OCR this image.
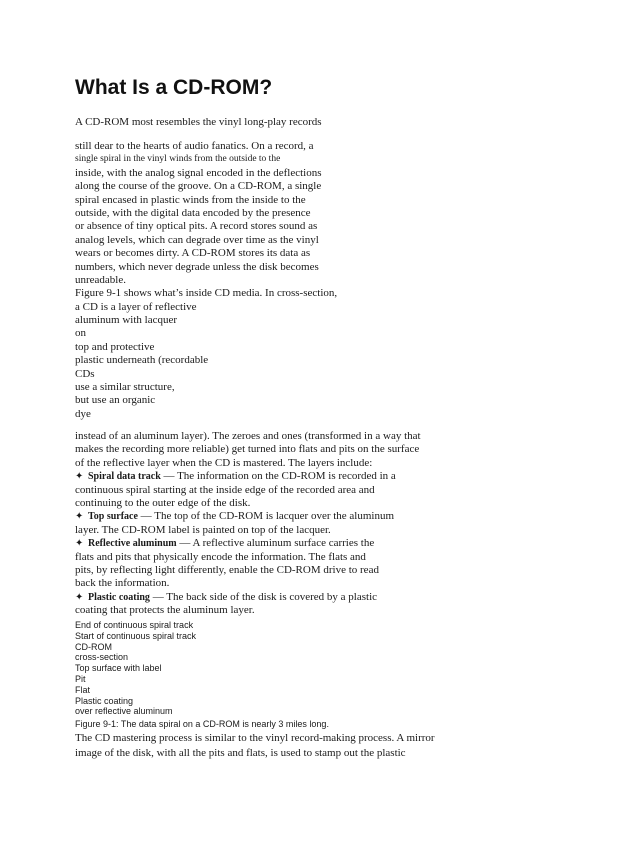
What Is a CD-ROM?
A CD-ROM most resembles the vinyl long-play records
still dear to the hearts of audio fanatics. On a record, a
single spiral in the vinyl winds from the outside to the
inside, with the analog signal encoded in the deflections
along the course of the groove. On a CD-ROM, a single
spiral encased in plastic winds from the inside to the
outside, with the digital data encoded by the presence
or absence of tiny optical pits. A record stores sound as
analog levels, which can degrade over time as the vinyl
wears or becomes dirty. A CD-ROM stores its data as
numbers, which never degrade unless the disk becomes
unreadable.
Figure 9-1 shows what’s inside CD media. In cross-section,
a CD is a layer of reflective
aluminum with lacquer
on
top and protective
plastic underneath (recordable
CDs
use a similar structure,
but use an organic
dye
instead of an aluminum layer). The zeroes and ones (transformed in a way that
makes the recording more reliable) get turned into flats and pits on the surface
of the reflective layer when the CD is mastered. The layers include:
✦ Spiral data track — The information on the CD-ROM is recorded in a
continuous spiral starting at the inside edge of the recorded area and
continuing to the outer edge of the disk.
✦ Top surface — The top of the CD-ROM is lacquer over the aluminum
layer. The CD-ROM label is painted on top of the lacquer.
✦ Reflective aluminum — A reflective aluminum surface carries the
flats and pits that physically encode the information. The flats and
pits, by reflecting light differently, enable the CD-ROM drive to read
back the information.
✦ Plastic coating — The back side of the disk is covered by a plastic
coating that protects the aluminum layer.
End of continuous spiral track
Start of continuous spiral track
CD-ROM
cross-section
Top surface with label
Pit
Flat
Plastic coating
over reflective aluminum
Figure 9-1: The data spiral on a CD-ROM is nearly 3 miles long.
The CD mastering process is similar to the vinyl record-making process. A mirror
image of the disk, with all the pits and flats, is used to stamp out the plastic
